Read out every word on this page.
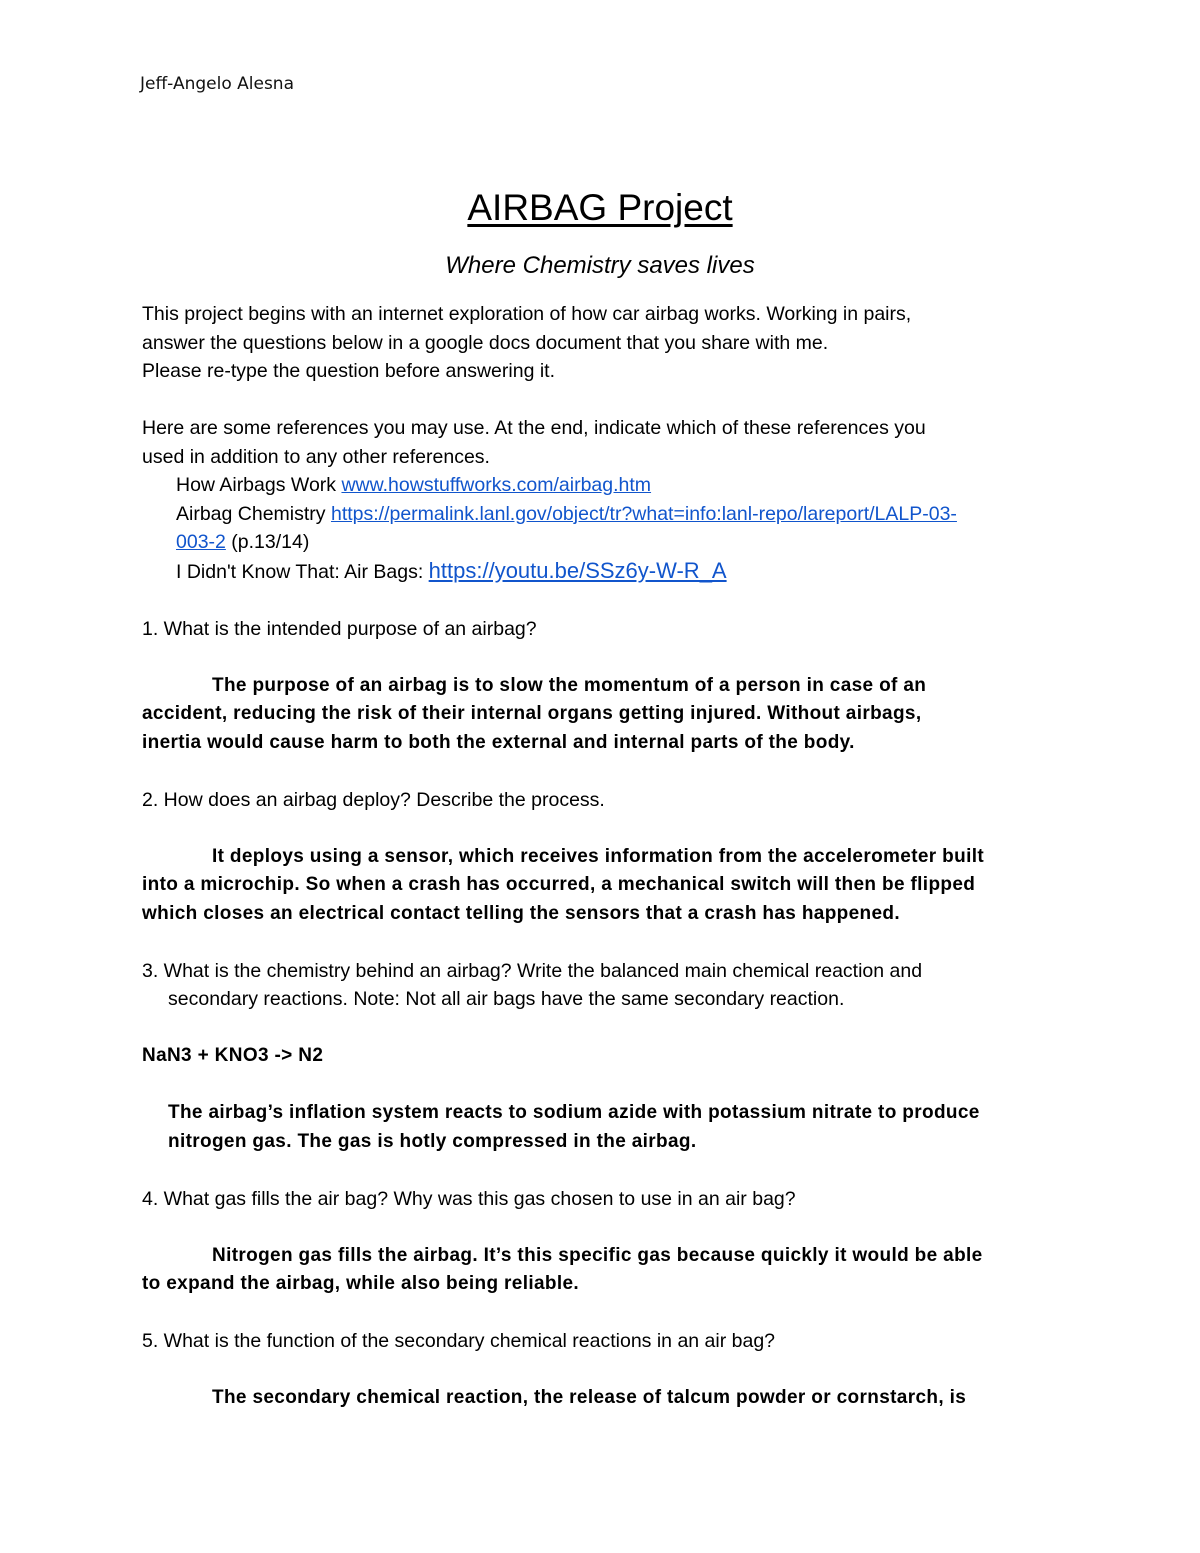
Jeff-Angelo Alesna
AIRBAG Project
Where Chemistry saves lives
This project begins with an internet exploration of how car airbag works. Working in pairs,
answer the questions below in a google docs document that you share with me.
Please re-type the question before answering it.
Here are some references you may use. At the end, indicate which of these references you
used in addition to any other references.
How Airbags Work www.howstuffworks.com/airbag.htm
Airbag Chemistry https://permalink.lanl.gov/object/tr?what=info:lanl-repo/lareport/LALP-03-
003-2 (p.13/14)
I Didn't Know That: Air Bags: https://youtu.be/SSz6y-W-R_A
1. What is the intended purpose of an airbag?
The purpose of an airbag is to slow the momentum of a person in case of an
accident, reducing the risk of their internal organs getting injured. Without airbags,
inertia would cause harm to both the external and internal parts of the body.
2. How does an airbag deploy? Describe the process.
It deploys using a sensor, which receives information from the accelerometer built
into a microchip. So when a crash has occurred, a mechanical switch will then be flipped
which closes an electrical contact telling the sensors that a crash has happened.
3. What is the chemistry behind an airbag? Write the balanced main chemical reaction and
secondary reactions. Note: Not all air bags have the same secondary reaction.
NaN3 + KNO3 -> N2
The airbag’s inflation system reacts to sodium azide with potassium nitrate to produce
nitrogen gas. The gas is hotly compressed in the airbag.
4. What gas fills the air bag? Why was this gas chosen to use in an air bag?
Nitrogen gas fills the airbag. It’s this specific gas because quickly it would be able
to expand the airbag, while also being reliable.
5. What is the function of the secondary chemical reactions in an air bag?
The secondary chemical reaction, the release of talcum powder or cornstarch, is
